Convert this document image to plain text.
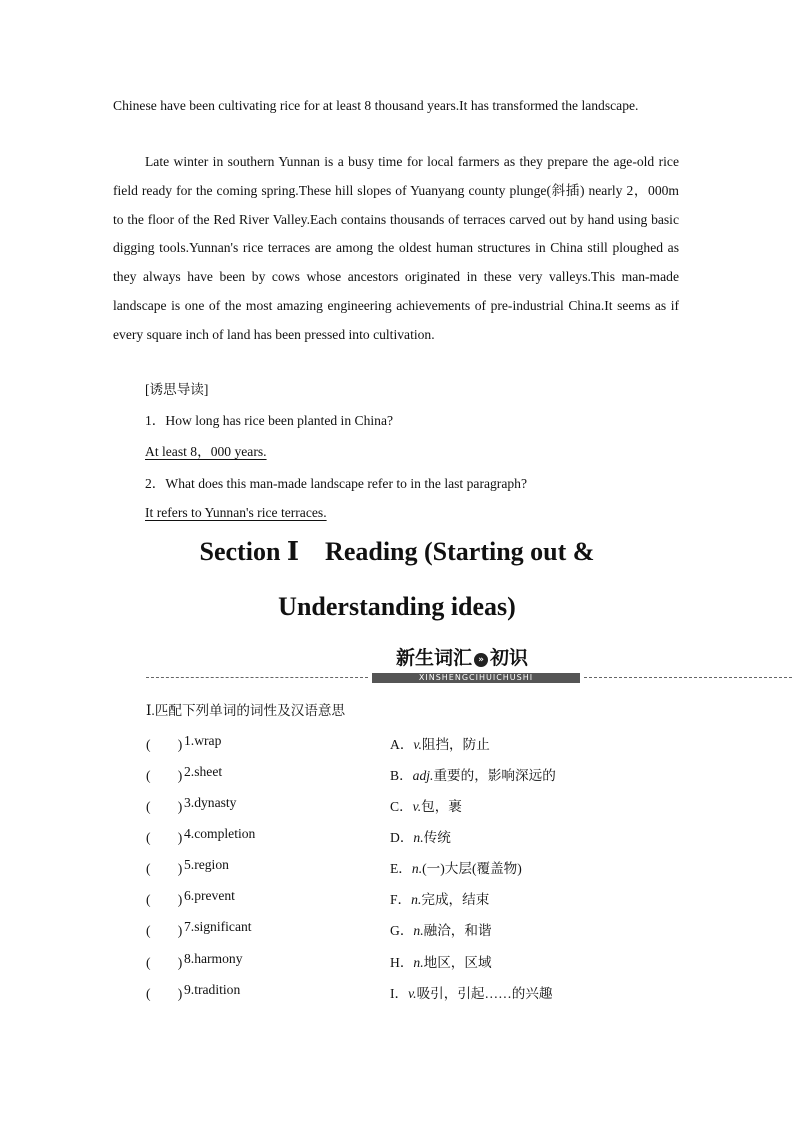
Chinese have been cultivating rice for at least 8 thousand years.It has transformed the landscape.

Late winter in southern Yunnan is a busy time for local farmers as they prepare the age-old rice field ready for the coming spring.These hill slopes of Yuanyang county plunge(斜插) nearly 2，000m to the floor of the Red River Valley.Each contains thousands of terraces carved out by hand using basic digging tools.Yunnan's rice terraces are among the oldest human structures in China still ploughed as they always have been by cows whose ancestors originated in these very valleys.This man-made landscape is one of the most amazing engineering achievements of pre-industrial China.It seems as if every square inch of land has been pressed into cultivation.

[诱思导读]
1．How long has rice been planted in China?
At least 8，000 years.
2．What does this man-made landscape refer to in the last paragraph?
It refers to Yunnan's rice terraces.
Section Ⅰ　Reading (Starting out &
Understanding ideas)
新生词汇 » 初识
XINSHENGCIHUICHUSHI
Ⅰ.匹配下列单词的词性及汉语意思
(　　) 1.wrap	A．v.阻挡，防止
(　　) 2.sheet	B．adj.重要的，影响深远的
(　　) 3.dynasty	C．v.包，裹
(　　) 4.completion	D．n.传统
(　　) 5.region	E．n.(一)大层(覆盖物)
(　　) 6.prevent	F．n.完成，结束
(　　) 7.significant	G．n.融洽，和谐
(　　) 8.harmony	H．n.地区，区域
(　　) 9.tradition	I．v.吸引，引起……的兴趣
